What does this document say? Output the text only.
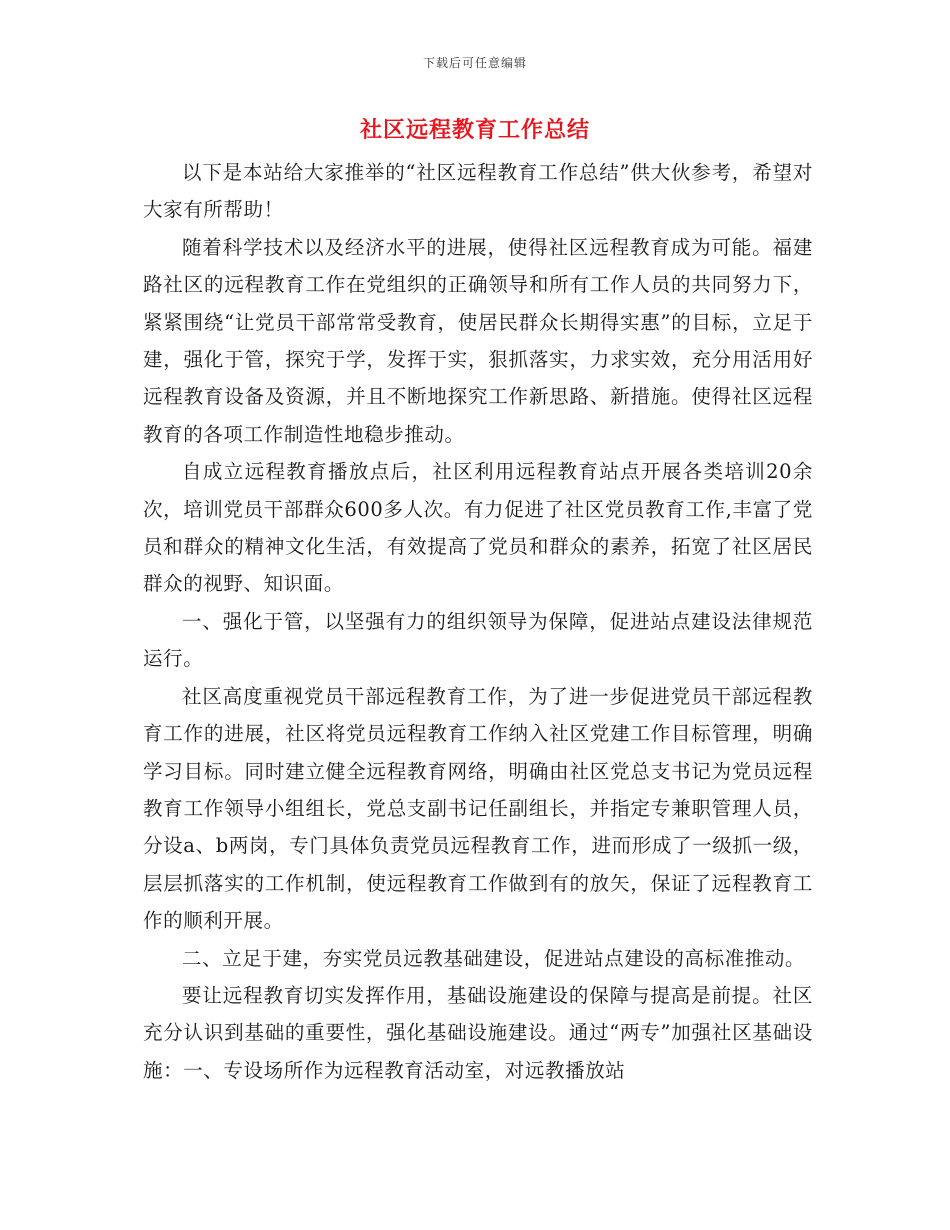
下载后可任意编辑
社区远程教育工作总结

以下是本站给大家推举的“社区远程教育工作总结”供大伙参考，希望对大家有所帮助！

随着科学技术以及经济水平的进展，使得社区远程教育成为可能。福建路社区的远程教育工作在党组织的正确领导和所有工作人员的共同努力下，紧紧围绕“让党员干部常常受教育，使居民群众长期得实惠”的目标，立足于建，强化于管，探究于学，发挥于实，狠抓落实，力求实效，充分用活用好远程教育设备及资源，并且不断地探究工作新思路、新措施。使得社区远程教育的各项工作制造性地稳步推动。

自成立远程教育播放点后，社区利用远程教育站点开展各类培训20余次，培训党员干部群众600多人次。有力促进了社区党员教育工作,丰富了党员和群众的精神文化生活，有效提高了党员和群众的素养，拓宽了社区居民群众的视野、知识面。

一、强化于管，以坚强有力的组织领导为保障，促进站点建设法律规范运行。

社区高度重视党员干部远程教育工作，为了进一步促进党员干部远程教育工作的进展，社区将党员远程教育工作纳入社区党建工作目标管理，明确学习目标。同时建立健全远程教育网络，明确由社区党总支书记为党员远程教育工作领导小组组长，党总支副书记任副组长，并指定专兼职管理人员，分设a、b两岗，专门具体负责党员远程教育工作，进而形成了一级抓一级，层层抓落实的工作机制，使远程教育工作做到有的放矢，保证了远程教育工作的顺利开展。

二、立足于建，夯实党员远教基础建设，促进站点建设的高标准推动。

要让远程教育切实发挥作用，基础设施建设的保障与提高是前提。社区充分认识到基础的重要性，强化基础设施建设。通过“两专”加强社区基础设施：一、专设场所作为远程教育活动室，对远教播放站
